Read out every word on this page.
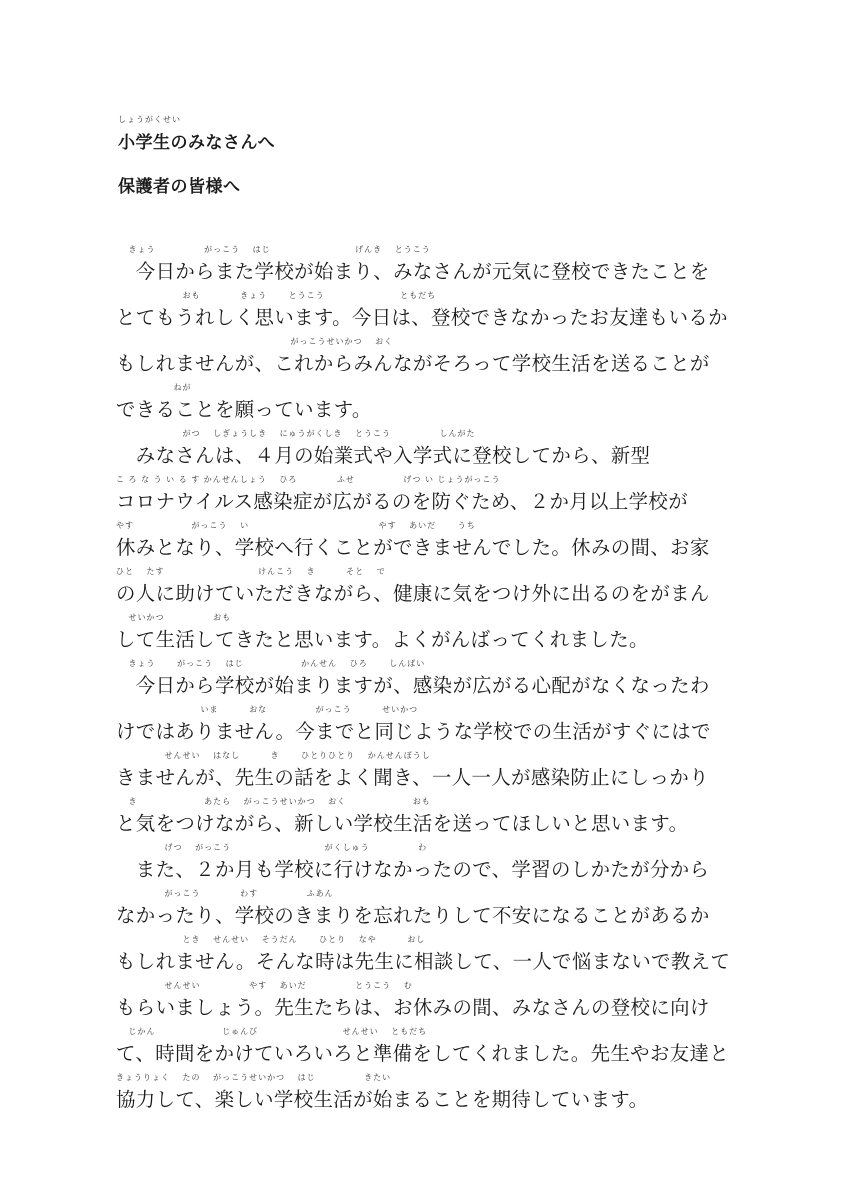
しょうがくせい
小学生のみなさんへ
保護者の皆様へ
　 きょう　　　　　 がっこう　 はじ　　　　　　　　　 げんき　 とうこう
　今日からまた学校が始まり、みなさんが元気に登校できたことを
　　　　　　　 おも　　　　 きょう　　 とうこう　　　　　　　　 ともだち
とてもうれしく思います。今日は、登校できなかったお友達もいるか
　　　　　　　　　　　　　　　　　　　 がっこうせいかつ　 おく
もしれませんが、これからみんながそろって学校生活を送ることが
　　　　　　 ねが
できることを願っています。
　　　　　　　 がつ　 しぎょうしき　 にゅうがくしき　 とうこう　　　　　 しんがた
　みなさんは、４月の始業式や入学式に登校してから、新型
こ ろ な う い る す かんせんしょう　 ひろ　　　　 ふせ　　　　　 げつ い じょうがっこう
コロナウイルス感染症が広がるのを防ぐため、２か月以上学校が
やす　　　　　　 がっこう　 い　　　　　　　　　　　　　　 やす　 あいだ　　 うち
休みとなり、学校へ行くことができませんでした。休みの間、お家
ひと　 たす　　　　　　　　　　 けんこう　 き　　　 そと　 で
の人に助けていただきながら、健康に気をつけ外に出るのをがまん
　 せいかつ　　　　　 おも
して生活してきたと思います。よくがんばってくれました。
　 きょう　　 がっこう　 はじ　　　　　　 かんせん　 ひろ　　 しんぱい
　今日から学校が始まりますが、感染が広がる心配がなくなったわ
　　　　　　　　　 いま　　　 おな　　　　　 がっこう　　　 せいかつ
けではありません。今までと同じような学校での生活がすぐにはで
　　　　　 せんせい　 はなし　　　 き　　 ひとりひとり　 かんせんぼうし
きませんが、先生の話をよく聞き、一人一人が感染防止にしっかり
　 き　　　　　　　 あたら　 がっこうせいかつ　 おく　　　　　　　 おも
と気をつけながら、新しい学校生活を送ってほしいと思います。
　　　　　 げつ　 がっこう　　　　　　　　　　 がくしゅう　　　　　 わ
　また、２か月も学校に行けなかったので、学習のしかたが分から
　　　　　 がっこう　　　　 わす　　　　　 ふあん
なかったり、学校のきまりを忘れたりして不安になることがあるか
　　　　　　　 とき　 せんせい　 そうだん　　 ひとり　 なや　　　 おし
もしれません。そんな時は先生に相談して、一人で悩まないで教えて
　　　　　 せんせい　　　　　 やす　 あいだ　　　　　 とうこう　 む
もらいましょう。先生たちは、お休みの間、みなさんの登校に向け
　 じかん　　　　　　　 じゅんび　　　　　　　　　 せんせい　 ともだち
て、時間をかけていろいろと準備をしてくれました。先生やお友達と
きょうりょく　 たの　 がっこうせいかつ　 はじ　　　　　 きたい
協力して、楽しい学校生活が始まることを期待しています。
